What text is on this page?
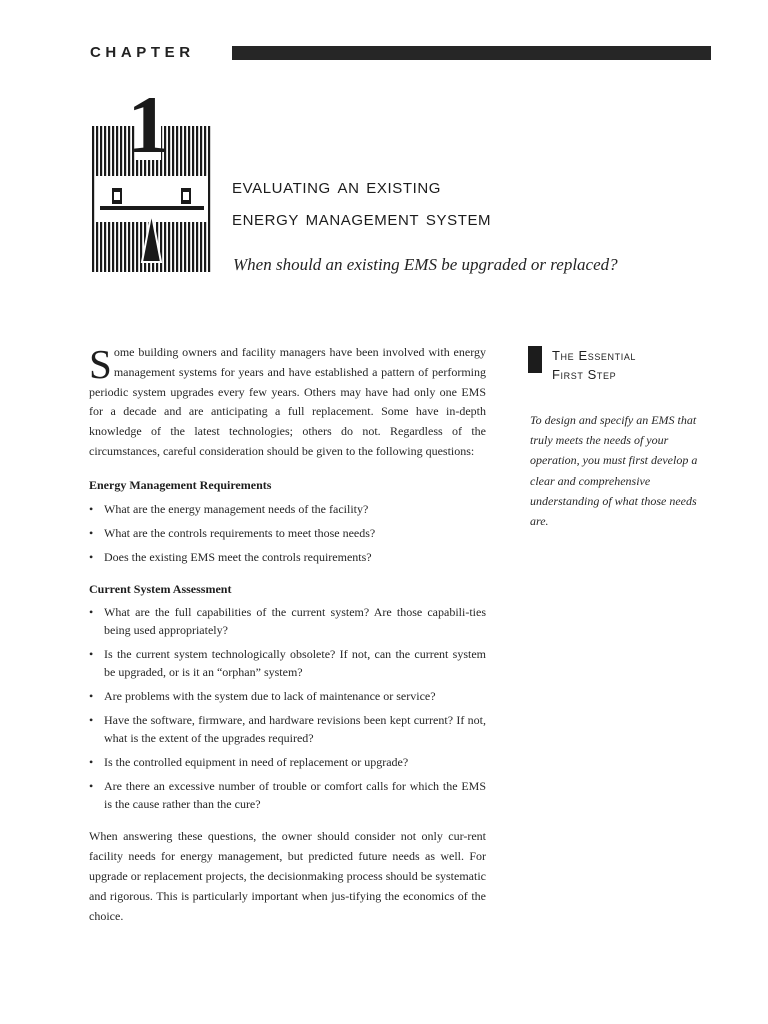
CHAPTER
1
evaluating an existing
energy management system

When should an existing EMS be upgraded or replaced?

Some building owners and facility managers have been involved with energy management systems for years and have established a pattern of performing periodic system upgrades every few years. Others may have had only one EMS for a decade and are anticipating a full replacement. Some have in-depth knowledge of the latest technologies; others do not. Regardless of the circumstances, careful consideration should be given to the following questions:

Energy Management Requirements
• What are the energy management needs of the facility?
• What are the controls requirements to meet those needs?
• Does the existing EMS meet the controls requirements?
Current System Assessment
• What are the full capabilities of the current system? Are those capabili-ties being used appropriately?
• Is the current system technologically obsolete? If not, can the current system be upgraded, or is it an “orphan” system?
• Are problems with the system due to lack of maintenance or service?
• Have the software, firmware, and hardware revisions been kept current? If not, what is the extent of the upgrades required?
• Is the controlled equipment in need of replacement or upgrade?
• Are there an excessive number of trouble or comfort calls for which the EMS is the cause rather than the cure?

When answering these questions, the owner should consider not only cur-rent facility needs for energy management, but predicted future needs as well. For upgrade or replacement projects, the decisionmaking process should be systematic and rigorous. This is particularly important when jus-tifying the economics of the choice.

The Essential
First Step

To design and specify an EMS that truly meets the needs of your operation, you must first develop a clear and comprehensive understanding of what those needs are.
